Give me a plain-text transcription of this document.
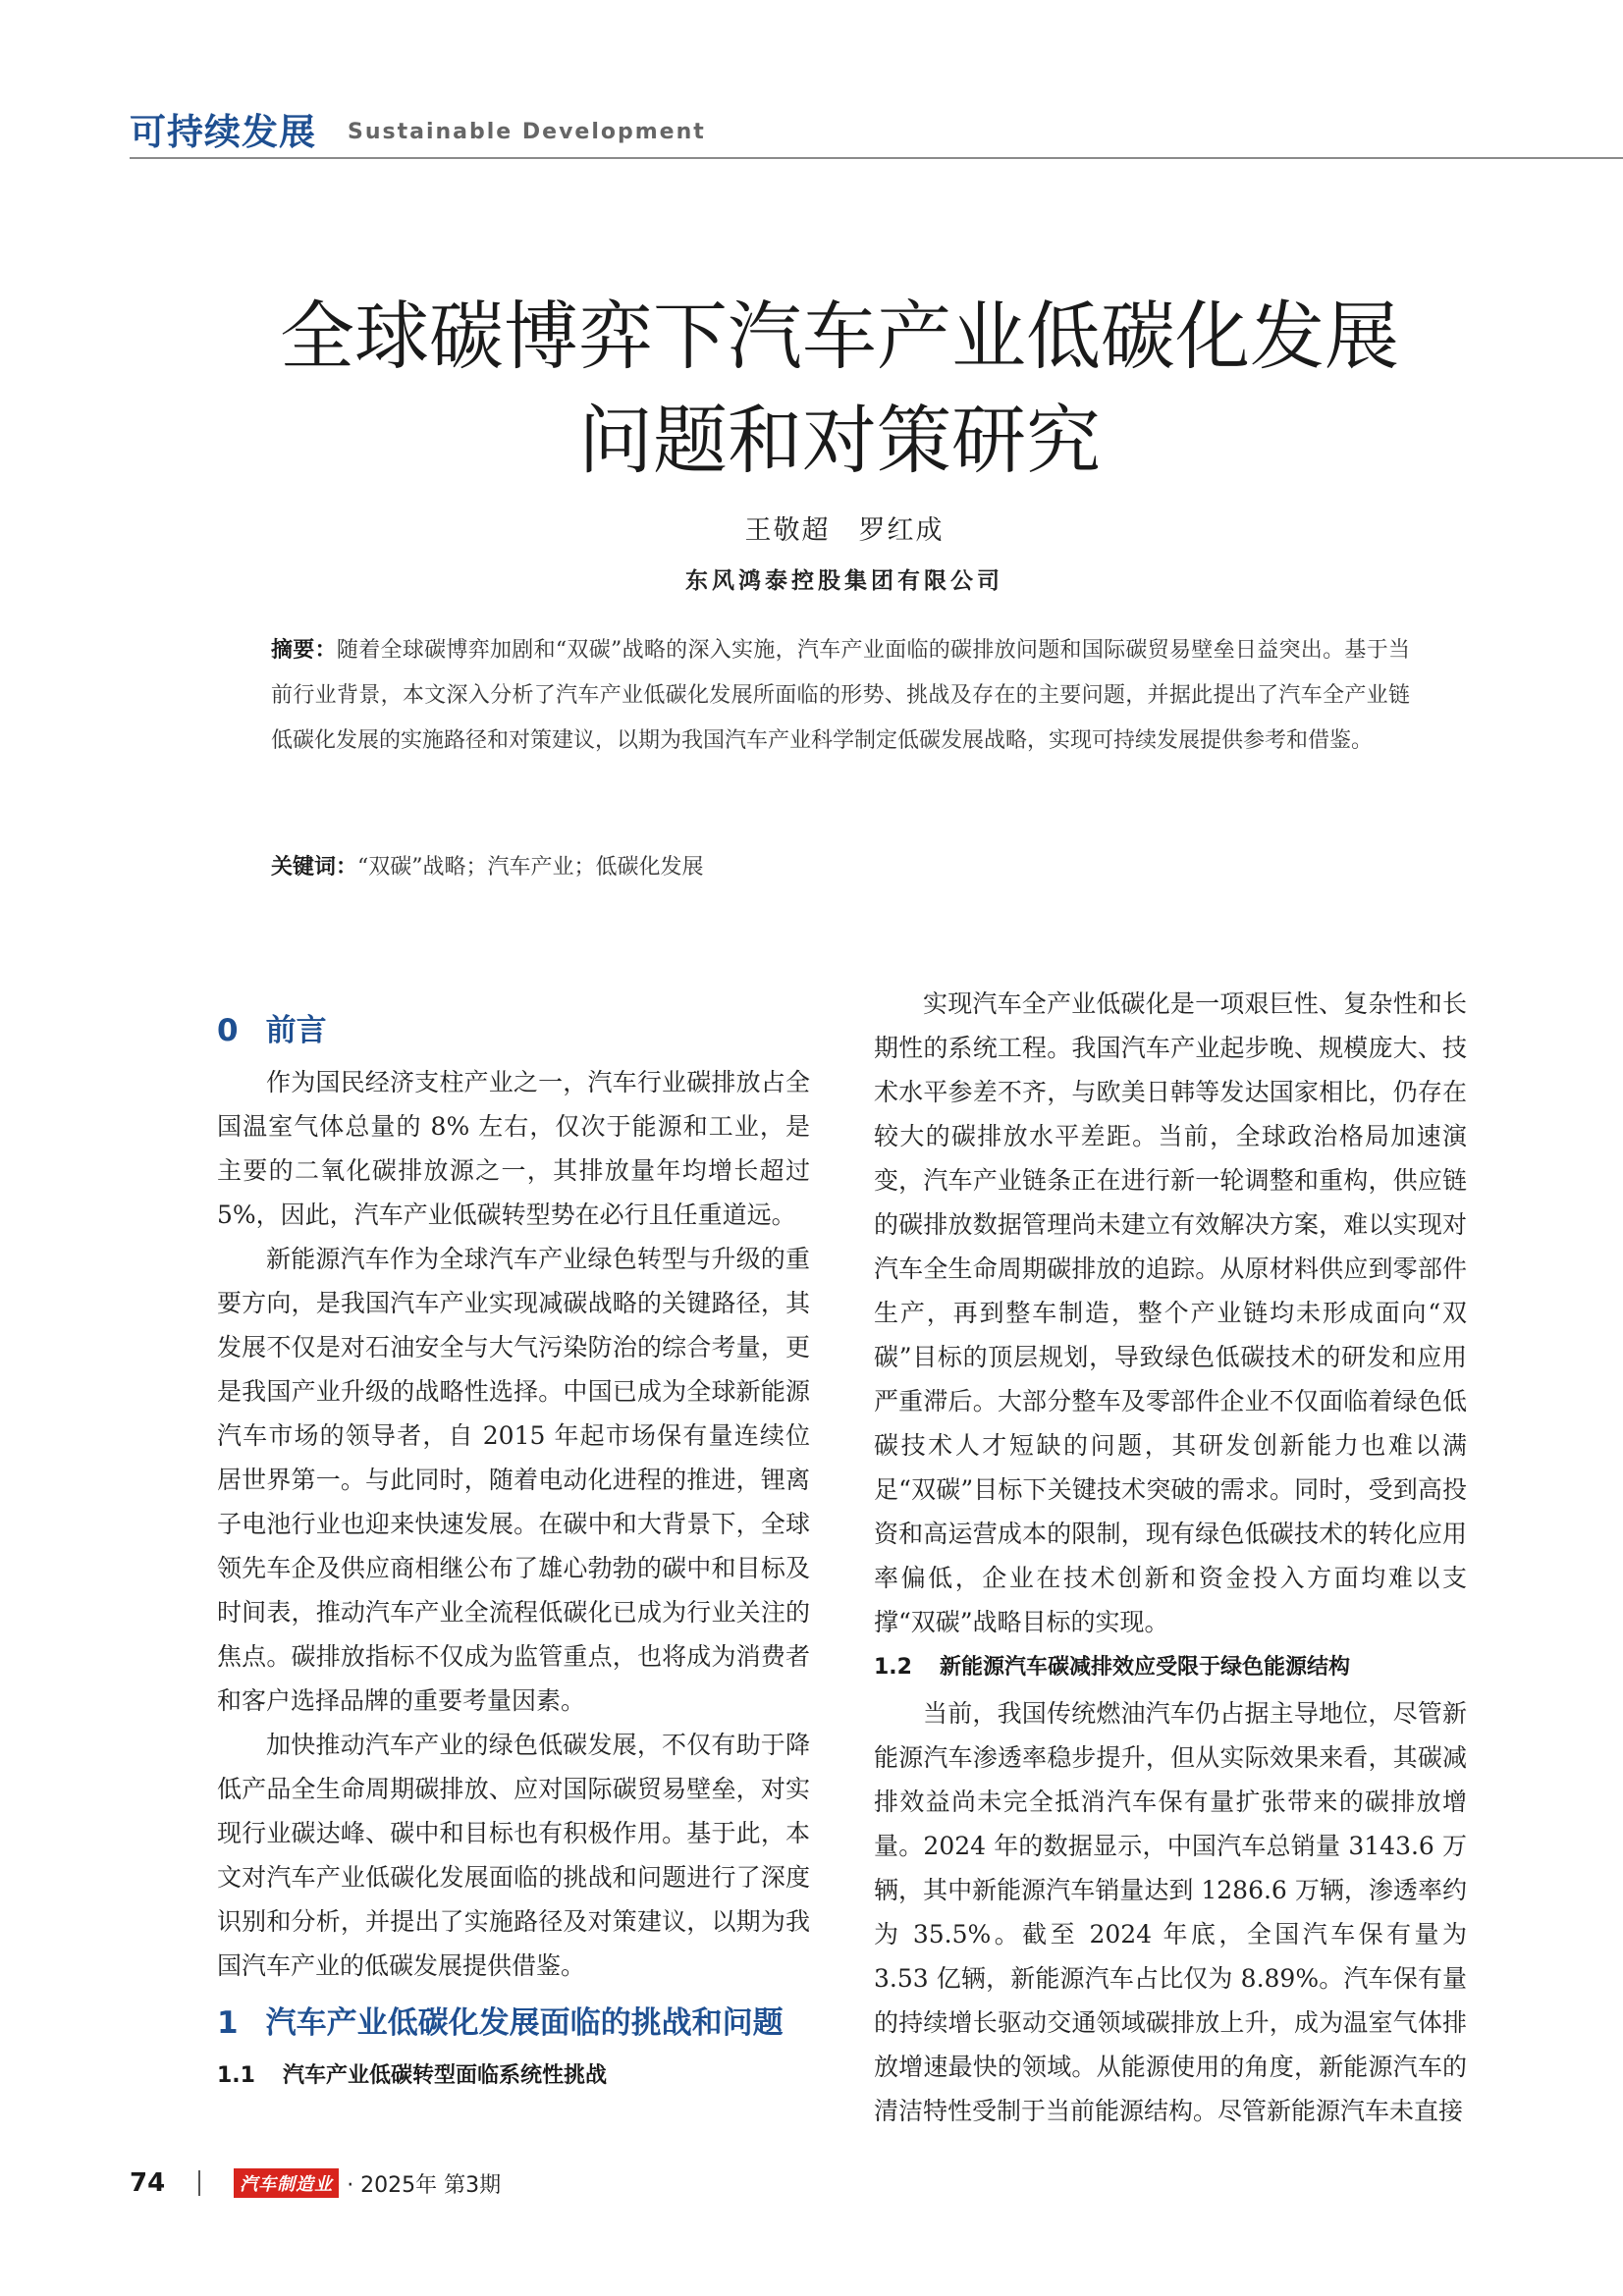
可持续发展 Sustainable Development
全球碳博弈下汽车产业低碳化发展
问题和对策研究
王敬超　罗红成
东风鸿泰控股集团有限公司
摘要：随着全球碳博弈加剧和“双碳”战略的深入实施，汽车产业面临的碳排放问题和国际碳贸易壁垒日益突出。基于当前行业背景，本文深入分析了汽车产业低碳化发展所面临的形势、挑战及存在的主要问题，并据此提出了汽车全产业链低碳化发展的实施路径和对策建议，以期为我国汽车产业科学制定低碳发展战略，实现可持续发展提供参考和借鉴。
关键词：“双碳”战略；汽车产业；低碳化发展
0 前言

作为国民经济支柱产业之一，汽车行业碳排放占全国温室气体总量的 8% 左右，仅次于能源和工业，是主要的二氧化碳排放源之一，其排放量年均增长超过 5%，因此，汽车产业低碳转型势在必行且任重道远。

新能源汽车作为全球汽车产业绿色转型与升级的重要方向，是我国汽车产业实现减碳战略的关键路径，其发展不仅是对石油安全与大气污染防治的综合考量，更是我国产业升级的战略性选择。中国已成为全球新能源汽车市场的领导者，自 2015 年起市场保有量连续位居世界第一。与此同时，随着电动化进程的推进，锂离子电池行业也迎来快速发展。在碳中和大背景下，全球领先车企及供应商相继公布了雄心勃勃的碳中和目标及时间表，推动汽车产业全流程低碳化已成为行业关注的焦点。碳排放指标不仅成为监管重点，也将成为消费者和客户选择品牌的重要考量因素。

加快推动汽车产业的绿色低碳发展，不仅有助于降低产品全生命周期碳排放、应对国际碳贸易壁垒，对实现行业碳达峰、碳中和目标也有积极作用。基于此，本文对汽车产业低碳化发展面临的挑战和问题进行了深度识别和分析，并提出了实施路径及对策建议，以期为我国汽车产业的低碳发展提供借鉴。

1 汽车产业低碳化发展面临的挑战和问题
1.1 汽车产业低碳转型面临系统性挑战

实现汽车全产业低碳化是一项艰巨性、复杂性和长期性的系统工程。我国汽车产业起步晚、规模庞大、技术水平参差不齐，与欧美日韩等发达国家相比，仍存在较大的碳排放水平差距。当前，全球政治格局加速演变，汽车产业链条正在进行新一轮调整和重构，供应链的碳排放数据管理尚未建立有效解决方案，难以实现对汽车全生命周期碳排放的追踪。从原材料供应到零部件生产，再到整车制造，整个产业链均未形成面向“双碳”目标的顶层规划，导致绿色低碳技术的研发和应用严重滞后。大部分整车及零部件企业不仅面临着绿色低碳技术人才短缺的问题，其研发创新能力也难以满足“双碳”目标下关键技术突破的需求。同时，受到高投资和高运营成本的限制，现有绿色低碳技术的转化应用率偏低，企业在技术创新和资金投入方面均难以支撑“双碳”战略目标的实现。

1.2 新能源汽车碳减排效应受限于绿色能源结构

当前，我国传统燃油汽车仍占据主导地位，尽管新能源汽车渗透率稳步提升，但从实际效果来看，其碳减排效益尚未完全抵消汽车保有量扩张带来的碳排放增量。2024 年的数据显示，中国汽车总销量 3143.6 万辆，其中新能源汽车销量达到 1286.6 万辆，渗透率约为 35.5%。截至 2024 年底，全国汽车保有量为 3.53 亿辆，新能源汽车占比仅为 8.89%。汽车保有量的持续增长驱动交通领域碳排放上升，成为温室气体排放增速最快的领域。从能源使用的角度，新能源汽车的清洁特性受制于当前能源结构。尽管新能源汽车未直接

74	汽车制造业 · 2025年 第3期
